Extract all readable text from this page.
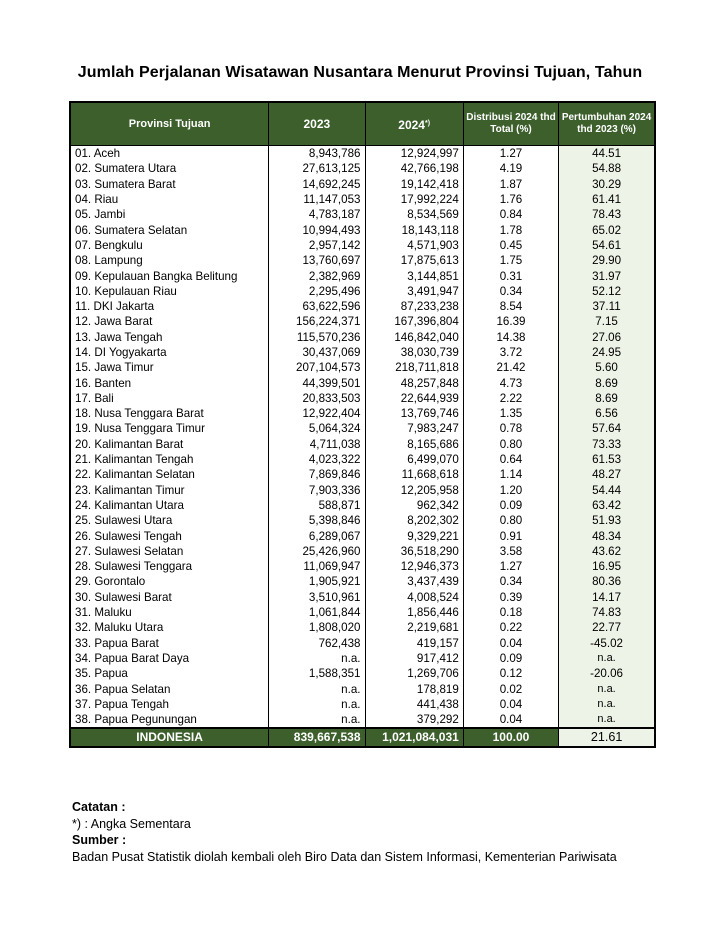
Jumlah Perjalanan Wisatawan Nusantara Menurut Provinsi Tujuan, Tahun
Provinsi Tujuan	2023	2024*)	Distribusi 2024 thd Total (%)	Pertumbuhan 2024 thd 2023 (%)
01. Aceh	8,943,786	12,924,997	1.27	44.51
02. Sumatera Utara	27,613,125	42,766,198	4.19	54.88
03. Sumatera Barat	14,692,245	19,142,418	1.87	30.29
04. Riau	11,147,053	17,992,224	1.76	61.41
05. Jambi	4,783,187	8,534,569	0.84	78.43
06. Sumatera Selatan	10,994,493	18,143,118	1.78	65.02
07. Bengkulu	2,957,142	4,571,903	0.45	54.61
08. Lampung	13,760,697	17,875,613	1.75	29.90
09. Kepulauan Bangka Belitung	2,382,969	3,144,851	0.31	31.97
10. Kepulauan Riau	2,295,496	3,491,947	0.34	52.12
11. DKI Jakarta	63,622,596	87,233,238	8.54	37.11
12. Jawa Barat	156,224,371	167,396,804	16.39	7.15
13. Jawa Tengah	115,570,236	146,842,040	14.38	27.06
14. DI Yogyakarta	30,437,069	38,030,739	3.72	24.95
15. Jawa Timur	207,104,573	218,711,818	21.42	5.60
16. Banten	44,399,501	48,257,848	4.73	8.69
17. Bali	20,833,503	22,644,939	2.22	8.69
18. Nusa Tenggara Barat	12,922,404	13,769,746	1.35	6.56
19. Nusa Tenggara Timur	5,064,324	7,983,247	0.78	57.64
20. Kalimantan Barat	4,711,038	8,165,686	0.80	73.33
21. Kalimantan Tengah	4,023,322	6,499,070	0.64	61.53
22. Kalimantan Selatan	7,869,846	11,668,618	1.14	48.27
23. Kalimantan Timur	7,903,336	12,205,958	1.20	54.44
24. Kalimantan Utara	588,871	962,342	0.09	63.42
25. Sulawesi Utara	5,398,846	8,202,302	0.80	51.93
26. Sulawesi Tengah	6,289,067	9,329,221	0.91	48.34
27. Sulawesi Selatan	25,426,960	36,518,290	3.58	43.62
28. Sulawesi Tenggara	11,069,947	12,946,373	1.27	16.95
29. Gorontalo	1,905,921	3,437,439	0.34	80.36
30. Sulawesi Barat	3,510,961	4,008,524	0.39	14.17
31. Maluku	1,061,844	1,856,446	0.18	74.83
32. Maluku Utara	1,808,020	2,219,681	0.22	22.77
33. Papua Barat	762,438	419,157	0.04	-45.02
34. Papua Barat Daya	n.a.	917,412	0.09	n.a.
35. Papua	1,588,351	1,269,706	0.12	-20.06
36. Papua Selatan	n.a.	178,819	0.02	n.a.
37. Papua Tengah	n.a.	441,438	0.04	n.a.
38. Papua Pegunungan	n.a.	379,292	0.04	n.a.
INDONESIA	839,667,538	1,021,084,031	100.00	21.61
Catatan :
*) : Angka Sementara
Sumber :
Badan Pusat Statistik diolah kembali oleh Biro Data dan Sistem Informasi, Kementerian Pariwisata
